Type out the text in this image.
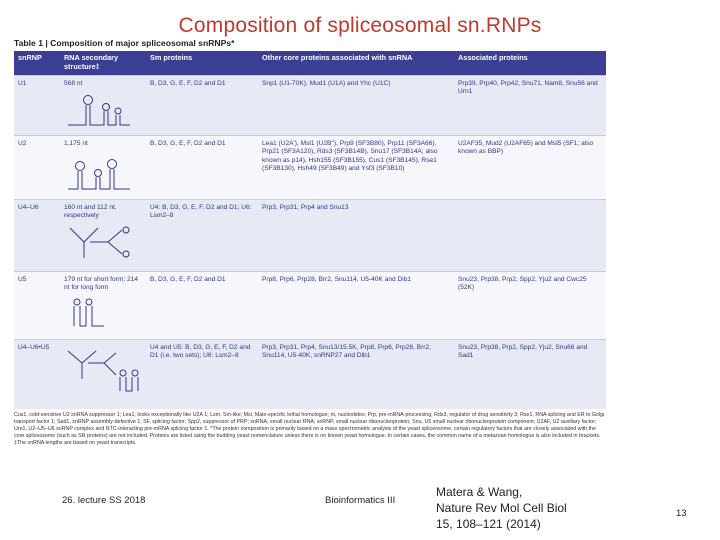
Composition of spliceosomal sn.RNPs
Table 1 | Composition of major spliceosomal snRNPs*
snRNP	RNA secondary structure‡	Sm proteins	Other core proteins associated with snRNA	Associated proteins
U1	568 nt	B, D3, G, E, F, D2 and D1	Snp1 (U1-70K), Mud1 (U1A) and Yhc (U1C)	Prp39, Prp40, Prp42, Snu71, Nam8, Snu56 and Urn1
U2	1,175 nt	B, D3, G, E, F, D2 and D1	Lea1 (U2A'), Msl1 (U2B''), Prp9 (SF3B80), Prp11 (SF3A66), Prp21 (SF3A120), Rds3 (SF3B14B), Snu17 (SF3B14A; also known as p14), Hsh155 (SF3B155), Cus1 (SF3B145), Rse1 (SF3B130), Hsh49 (SF3B49) and Ysf3 (SF3B10)	U2AF35, Mud2 (U2AF65) and Msl5 (SF1; also known as BBP)
U4–U6	160 nt and 112 nt, respectively	U4: B, D3, G, E, F, D2 and D1; U6: Lsm2–8	Prp3, Prp31, Prp4 and Snu13	
U5	179 nt for short form; 214 nt for long form	B, D3, G, E, F, D2 and D1	Prp8, Prp6, Prp28, Brr2, Snu114, U5-40K and Dib1	Snu23, Prp38, Prp2, Spp2, Yju2 and Cwc25 (52K)
U4–U6•U5		U4 and U5: B, D3, G, E, F, D2 and D1 (i.e. two sets); U6: Lsm2–8	Prp3, Prp31, Prp4, Snu13/15.5K, Prp8, Prp6, Prp28, Brr2, Snu114, U5-40K, snRNP27 and Dib1	Snu23, Prp38, Prp2, Spp2, Yju2, Snu66 and Sad1
Cus1, cold-sensitive U2 snRNA suppressor 1; Lea1, looks exceptionally like U2A 1; Lsm, Sm-like; Msl, Male-specific lethal homologue; nt, nucleotides; Prp, pre-mRNA-processing; Rds3, regulator of drug sensitivity 3; Rse1, RNA splicing and ER to Golgi transport factor 1; Sad1, snRNP assembly-defective 1; SF, splicing factor; Spp2, suppressor of PRP; snRNA, small nuclear RNA; snRNP, small nuclear ribonucleoprotein; Snu, U5 small nuclear ribonucleoprotein component; U2AF, U2 auxiliary factor; Urn1, U2–U5–U6 snRNP complex and NTC-interacting pre-mRNA splicing factor 1. *The protein composition is primarily based on a mass spectrometric analysis of the yeast spliceosome, certain regulatory factors that are closely associated with the core spliceosome (such as SR proteins) are not included. Proteins are listed using the budding yeast nomenclature unless there is no known yeast homologue. In certain cases, the common name of a metazoan homologue is also included in brackets. ‡The snRNA lengths are based on yeast transcripts.
26. lecture SS 2018	Bioinformatics III
Matera & Wang,
Nature Rev Mol Cell Biol
15, 108–121 (2014)
13
